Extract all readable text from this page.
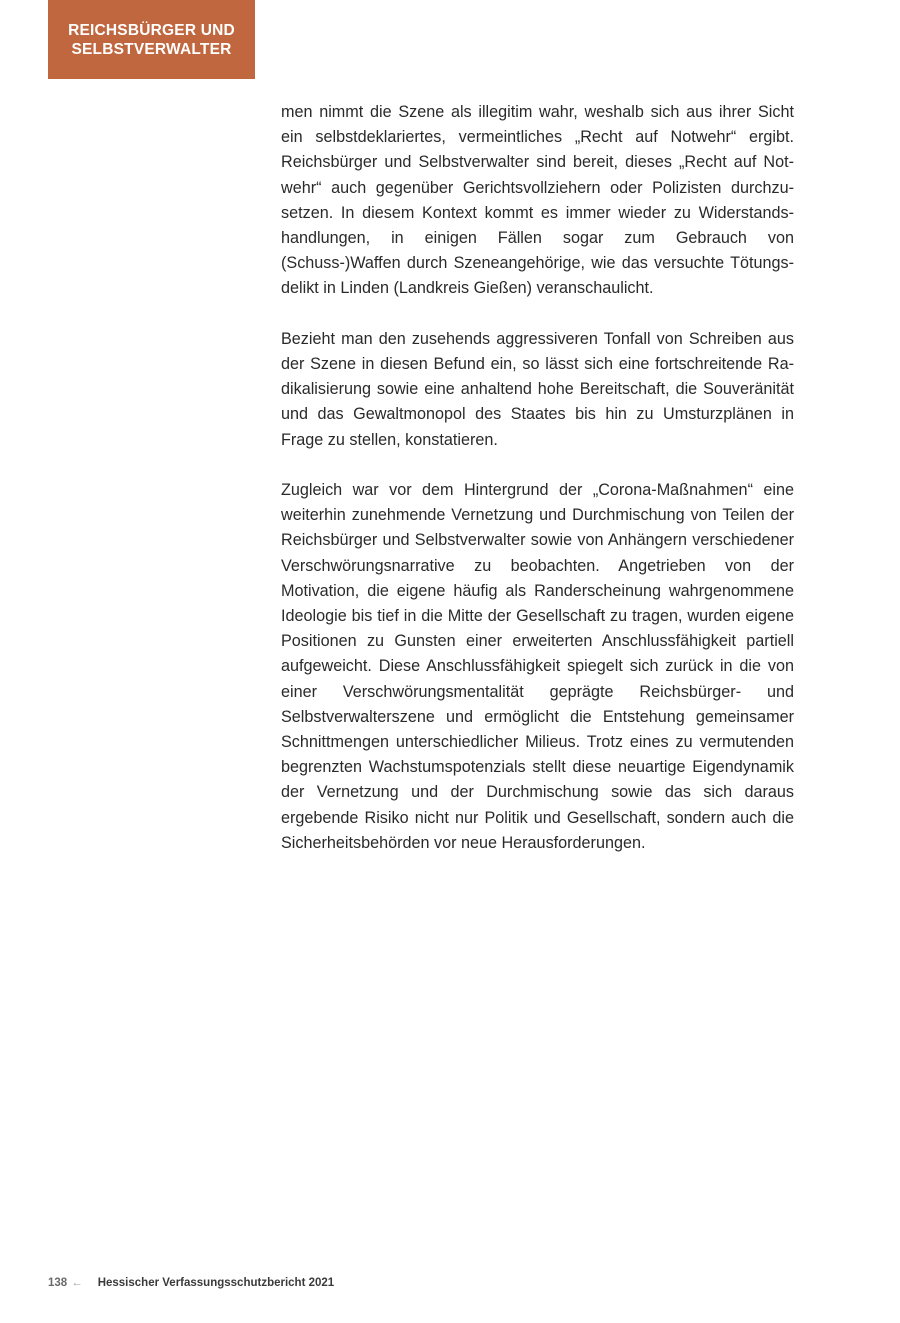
REICHSBÜRGER UND
SELBSTVERWALTER

men nimmt die Szene als illegitim wahr, weshalb sich aus ihrer Sicht ein selbstdeklariertes, vermeintliches „Recht auf Notwehr“ ergibt. Reichsbürger und Selbstverwalter sind bereit, dieses „Recht auf Notwehr“ auch gegenüber Gerichtsvollziehern oder Polizisten durchzusetzen. In diesem Kontext kommt es immer wieder zu Widerstandshandlungen, in einigen Fällen sogar zum Gebrauch von (Schuss-)Waffen durch Szeneangehörige, wie das versuchte Tötungsdelikt in Linden (Landkreis Gießen) veranschaulicht.

Bezieht man den zusehends aggressiveren Tonfall von Schreiben aus der Szene in diesen Befund ein, so lässt sich eine fortschreitende Radikalisierung sowie eine anhaltend hohe Bereitschaft, die Souveränität und das Gewaltmonopol des Staates bis hin zu Umsturzplänen in Frage zu stellen, konstatieren.

Zugleich war vor dem Hintergrund der „Corona-Maßnahmen“ eine weiterhin zunehmende Vernetzung und Durchmischung von Teilen der Reichsbürger und Selbstverwalter sowie von Anhängern verschiedener Verschwörungsnarrative zu beobachten. Angetrieben von der Motivation, die eigene häufig als Randerscheinung wahrgenommene Ideologie bis tief in die Mitte der Gesellschaft zu tragen, wurden eigene Positionen zu Gunsten einer erweiterten Anschlussfähigkeit partiell aufgeweicht. Diese Anschlussfähigkeit spiegelt sich zurück in die von einer Verschwörungsmentalität geprägte Reichsbürger- und Selbstverwalterszene und ermöglicht die Entstehung gemeinsamer Schnittmengen unterschiedlicher Milieus. Trotz eines zu vermutenden begrenzten Wachstumspotenzials stellt diese neuartige Eigendynamik der Vernetzung und der Durchmischung sowie das sich daraus ergebende Risiko nicht nur Politik und Gesellschaft, sondern auch die Sicherheitsbehörden vor neue Herausforderungen.

138 ← Hessischer Verfassungsschutzbericht 2021
